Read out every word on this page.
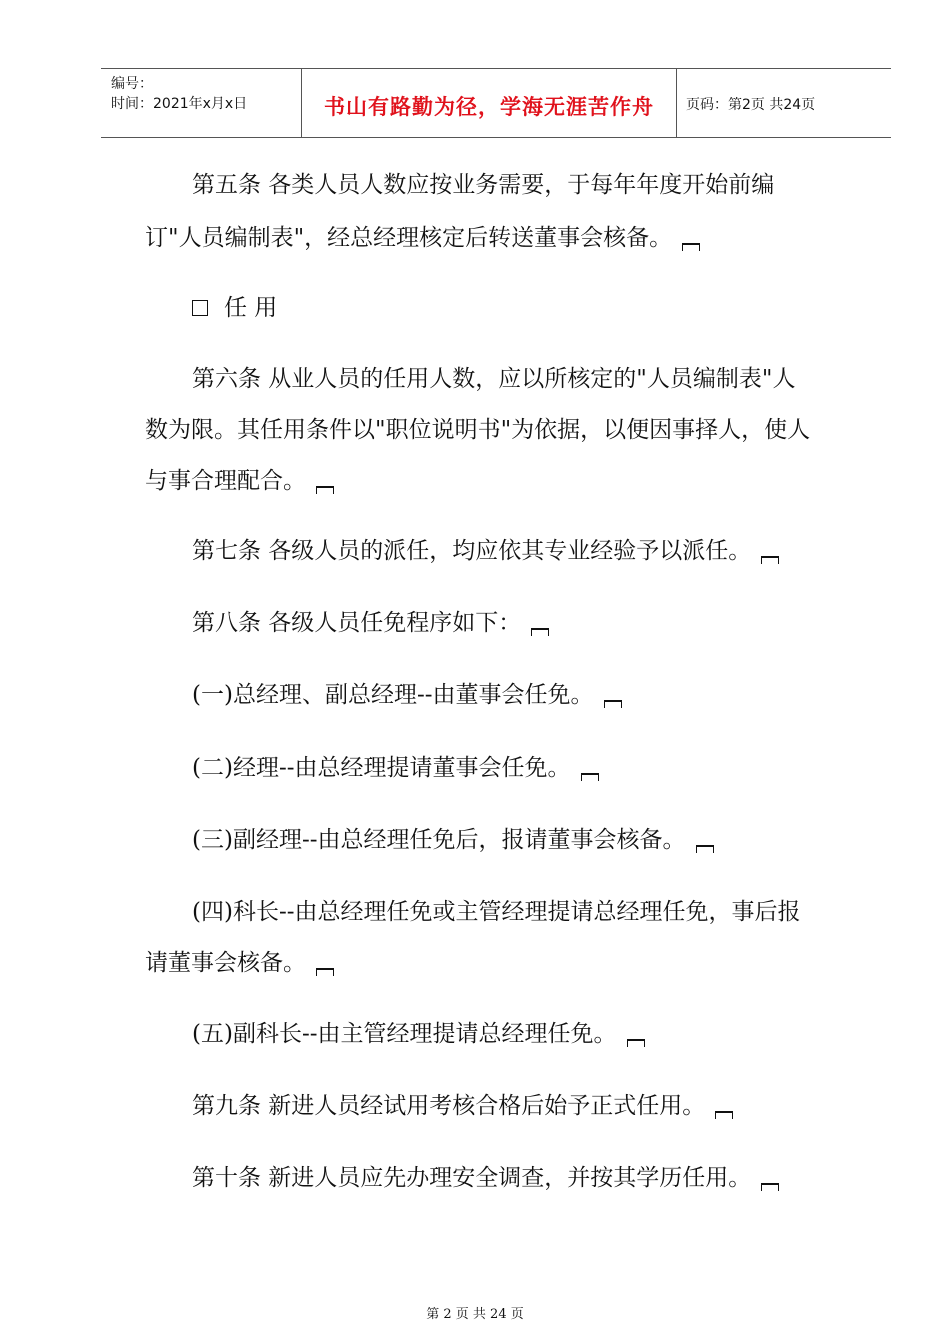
编号：
时间：2021年x月x日	书山有路勤为径，学海无涯苦作舟	页码：第2页 共24页
第五条 各类人员人数应按业务需要，于每年年度开始前编
订"人员编制表"，经总经理核定后转送董事会核备。
任 用
第六条 从业人员的任用人数，应以所核定的"人员编制表"人
数为限。其任用条件以"职位说明书"为依据，以便因事择人，使人
与事合理配合。
第七条 各级人员的派任，均应依其专业经验予以派任。
第八条 各级人员任免程序如下：
(一)总经理、副总经理--由董事会任免。
(二)经理--由总经理提请董事会任免。
(三)副经理--由总经理任免后，报请董事会核备。
(四)科长--由总经理任免或主管经理提请总经理任免，事后报
请董事会核备。
(五)副科长--由主管经理提请总经理任免。
第九条 新进人员经试用考核合格后始予正式任用。
第十条 新进人员应先办理安全调查，并按其学历任用。
第 2 页 共 24 页
